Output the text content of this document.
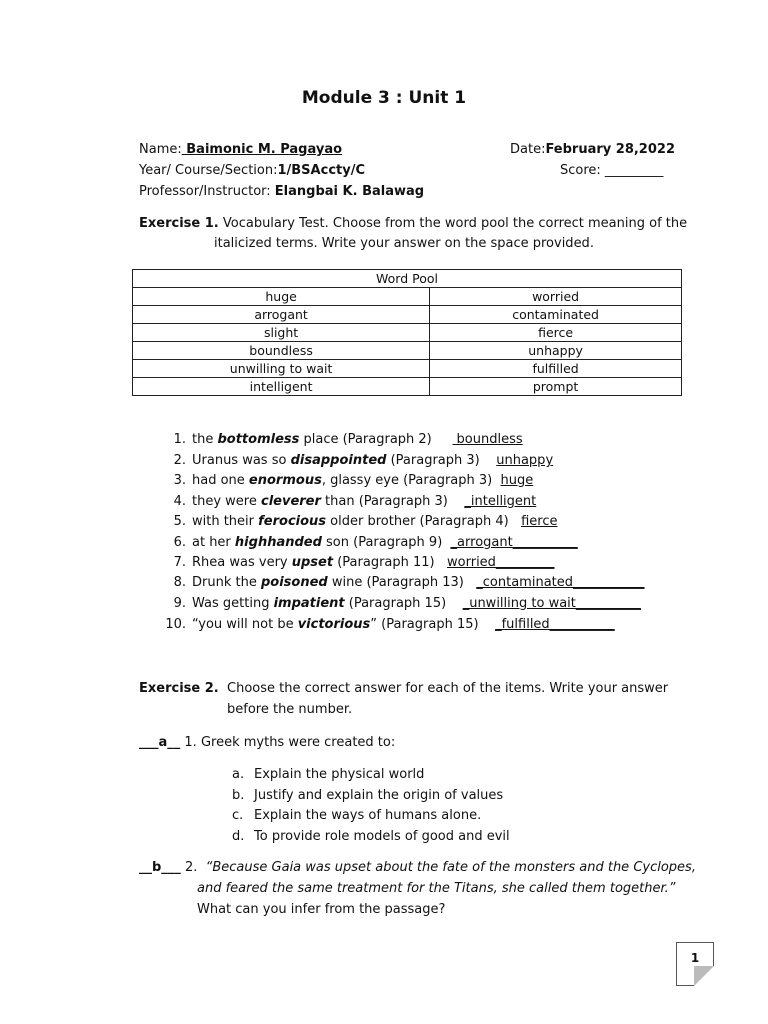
Module 3 : Unit 1
Name: Baimonic M. Pagayao	Date:February 28,2022
Year/ Course/Section:1/BSAccty/C	Score: _________
Professor/Instructor: Elangbai K. Balawag
Exercise 1. Vocabulary Test. Choose from the word pool the correct meaning of the
italicized terms. Write your answer on the space provided.
Word Pool	
huge	worried
arrogant	contaminated
slight	fierce
boundless	unhappy
unwilling to wait	fulfilled
intelligent	prompt
1. the bottomless place (Paragraph 2)      boundless
2. Uranus was so disappointed (Paragraph 3)    unhappy
3. had one enormous, glassy eye (Paragraph 3)  huge
4. they were cleverer than (Paragraph 3)    _intelligent
5. with their ferocious older brother (Paragraph 4)   fierce
6. at her highhanded son (Paragraph 9)  _arrogant__________
7. Rhea was very upset (Paragraph 11)   worried_________
8. Drunk the poisoned wine (Paragraph 13)   _contaminated___________
9. Was getting impatient (Paragraph 15)    _unwilling to wait__________
10. “you will not be victorious” (Paragraph 15)    _fulfilled__________
Exercise 2.  Choose the correct answer for each of the items. Write your answer
before the number.
___a__ 1. Greek myths were created to:
a. Explain the physical world
b. Justify and explain the origin of values
c. Explain the ways of humans alone.
d. To provide role models of good and evil
__b___ 2.  “Because Gaia was upset about the fate of the monsters and the Cyclopes,
and feared the same treatment for the Titans, she called them together.”
What can you infer from the passage?
1
